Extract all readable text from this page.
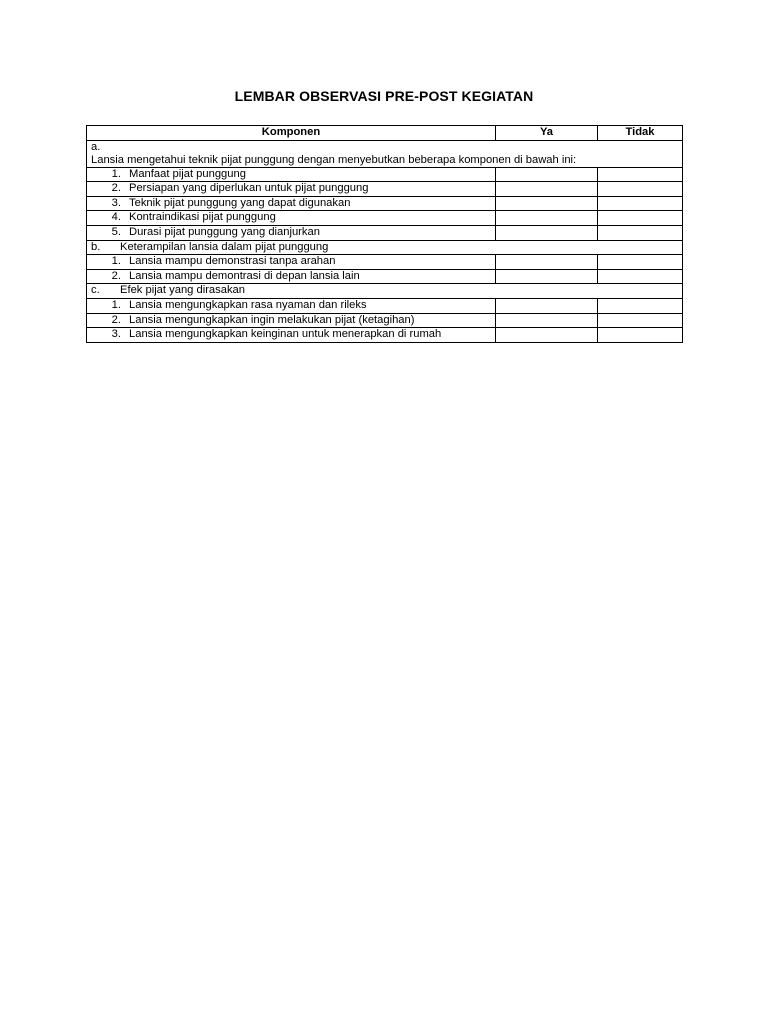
LEMBAR OBSERVASI PRE-POST KEGIATAN
Komponen	Ya	Tidak
a.Lansia mengetahui teknik pijat punggung dengan menyebutkan beberapa komponen di bawah ini:		
1. Manfaat pijat punggung		
2. Persiapan yang diperlukan untuk pijat punggung		
3. Teknik pijat punggung yang dapat digunakan		
4. Kontraindikasi pijat punggung		
5. Durasi pijat punggung yang dianjurkan		
b. Keterampilan lansia dalam pijat punggung		
1. Lansia mampu demonstrasi tanpa arahan		
2. Lansia mampu demontrasi di depan lansia lain		
c. Efek pijat yang dirasakan		
1. Lansia mengungkapkan rasa nyaman dan rileks		
2. Lansia mengungkapkan ingin melakukan pijat (ketagihan)		
3. Lansia mengungkapkan keinginan untuk menerapkan di rumah		
